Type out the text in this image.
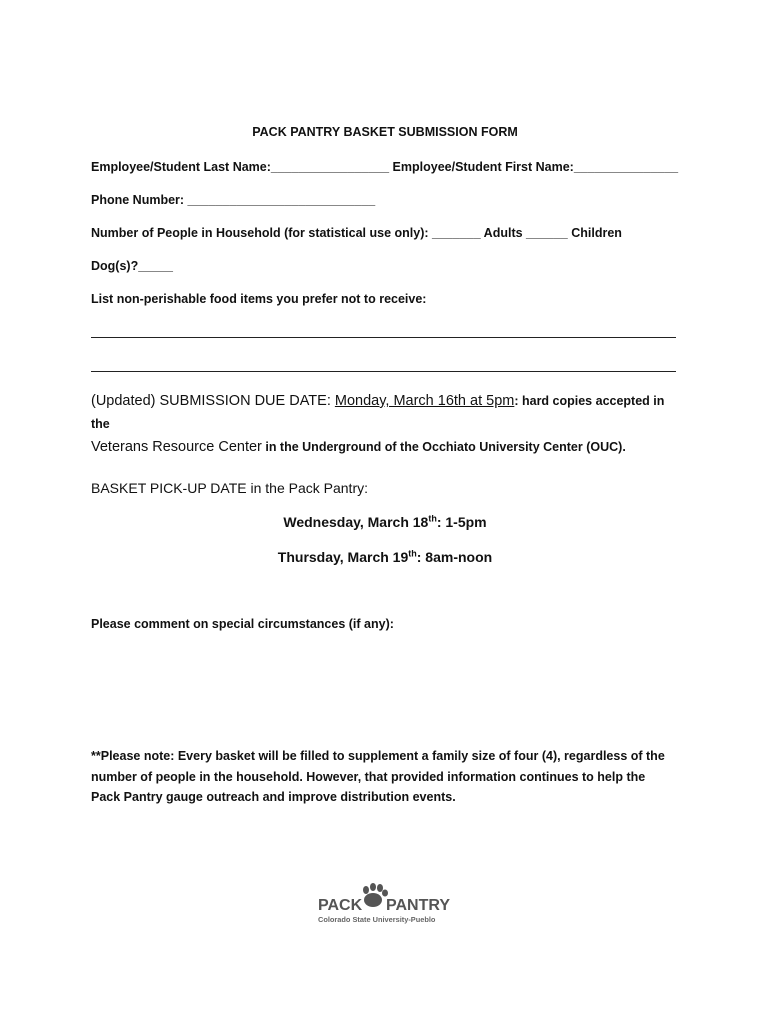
PACK PANTRY BASKET SUBMISSION FORM
Employee/Student Last Name:_________________ Employee/Student First Name:_______________
Phone Number: ___________________________
Number of People in Household (for statistical use only): _______ Adults ______ Children
Dog(s)?_____
List non-perishable food items you prefer not to receive:
(Updated) SUBMISSION DUE DATE: Monday, March 16th at 5pm: hard copies accepted in the
Veterans Resource Center in the Underground of the Occhiato University Center (OUC).
BASKET PICK-UP DATE in the Pack Pantry:
Wednesday, March 18th: 1-5pm
Thursday, March 19th: 8am-noon
Please comment on special circumstances (if any):
**Please note: Every basket will be filled to supplement a family size of four (4), regardless of the number of people in the household. However, that provided information continues to help the Pack Pantry gauge outreach and improve distribution events.
PACK PANTRY
Colorado State University-Pueblo
